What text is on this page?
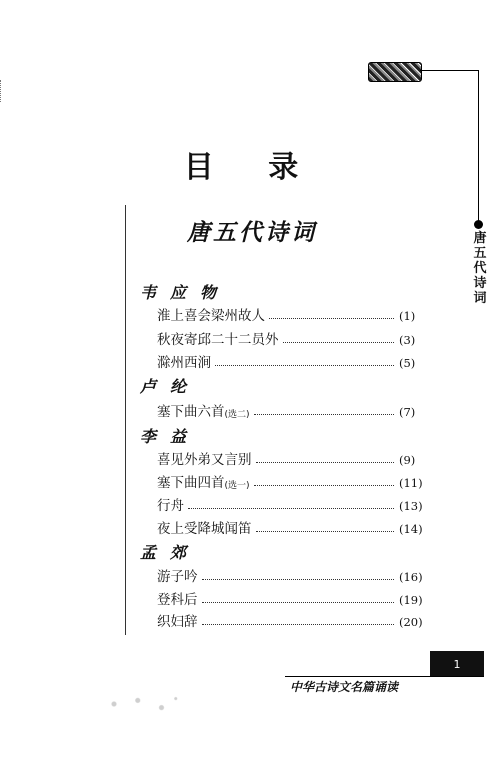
唐五代诗词
目 录
唐五代诗词
韦应物
淮上喜会梁州故人	(1)
秋夜寄邱二十二员外	(3)
滁州西涧	(5)
卢纶
塞下曲六首 (选二)	(7)
李益
喜见外弟又言别	(9)
塞下曲四首 (选一)	(11)
行舟	(13)
夜上受降城闻笛	(14)
孟郊
游子吟	(16)
登科后	(19)
织妇辞	(20)
1
中华古诗文名篇诵读
